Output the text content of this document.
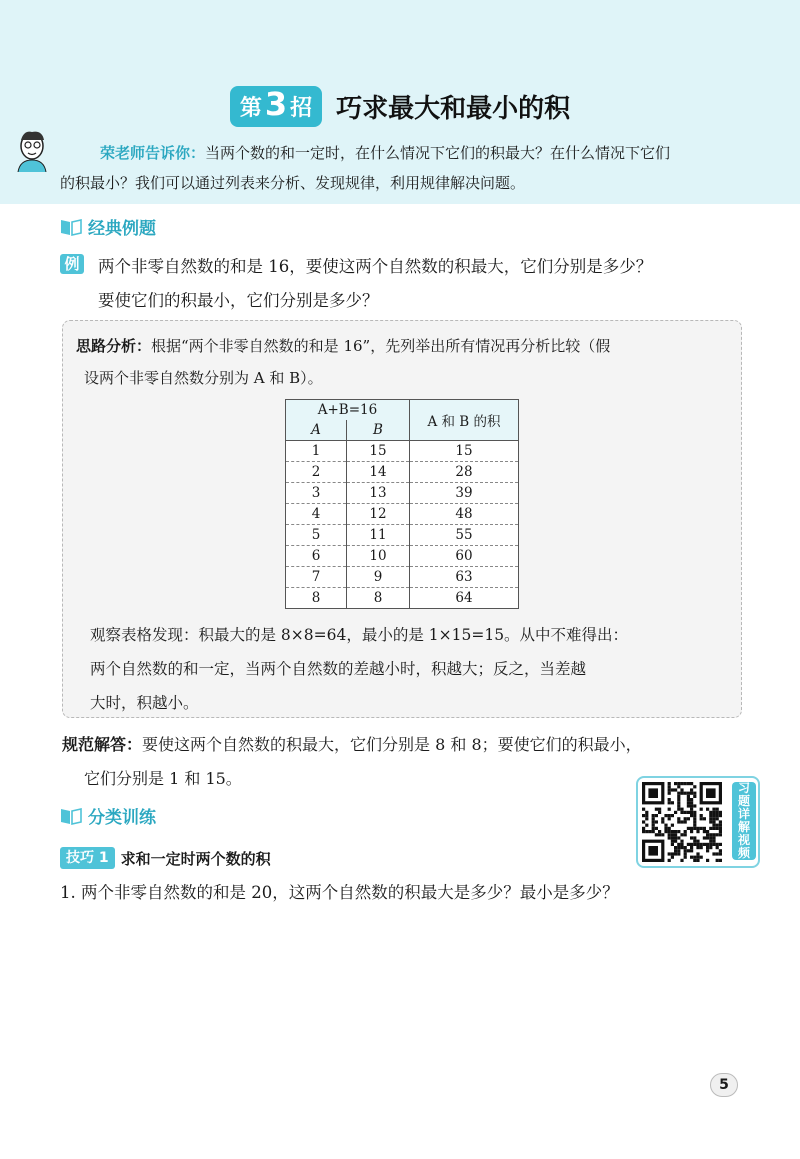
第 3 招 巧求最大和最小的积
荣老师告诉你：当两个数的和一定时，在什么情况下它们的积最大？在什么情况下它们
的积最小？我们可以通过列表来分析、发现规律，利用规律解决问题。
经典例题
例 两个非零自然数的和是 16，要使这两个自然数的积最大，它们分别是多少？
要使它们的积最小，它们分别是多少？
思路分析：根据“两个非零自然数的和是 16”，先列举出所有情况再分析比较（假
设两个非零自然数分别为 A 和 B）。
A+B=16		A 和 B 的积
A	B	
1	15	15
2	14	28
3	13	39
4	12	48
5	11	55
6	10	60
7	9	63
8	8	64
观察表格发现：积最大的是 8×8=64，最小的是 1×15=15。从中不难得出：
两个自然数的和一定，当两个自然数的差越小时，积越大；反之，当差越
大时，积越小。
规范解答：要使这两个自然数的积最大，它们分别是 8 和 8；要使它们的积最小，
它们分别是 1 和 15。	习
题
详
解
视
频
分类训练
技巧 1 求和一定时两个数的积
1. 两个非零自然数的和是 20，这两个自然数的积最大是多少？最小是多少？
5
